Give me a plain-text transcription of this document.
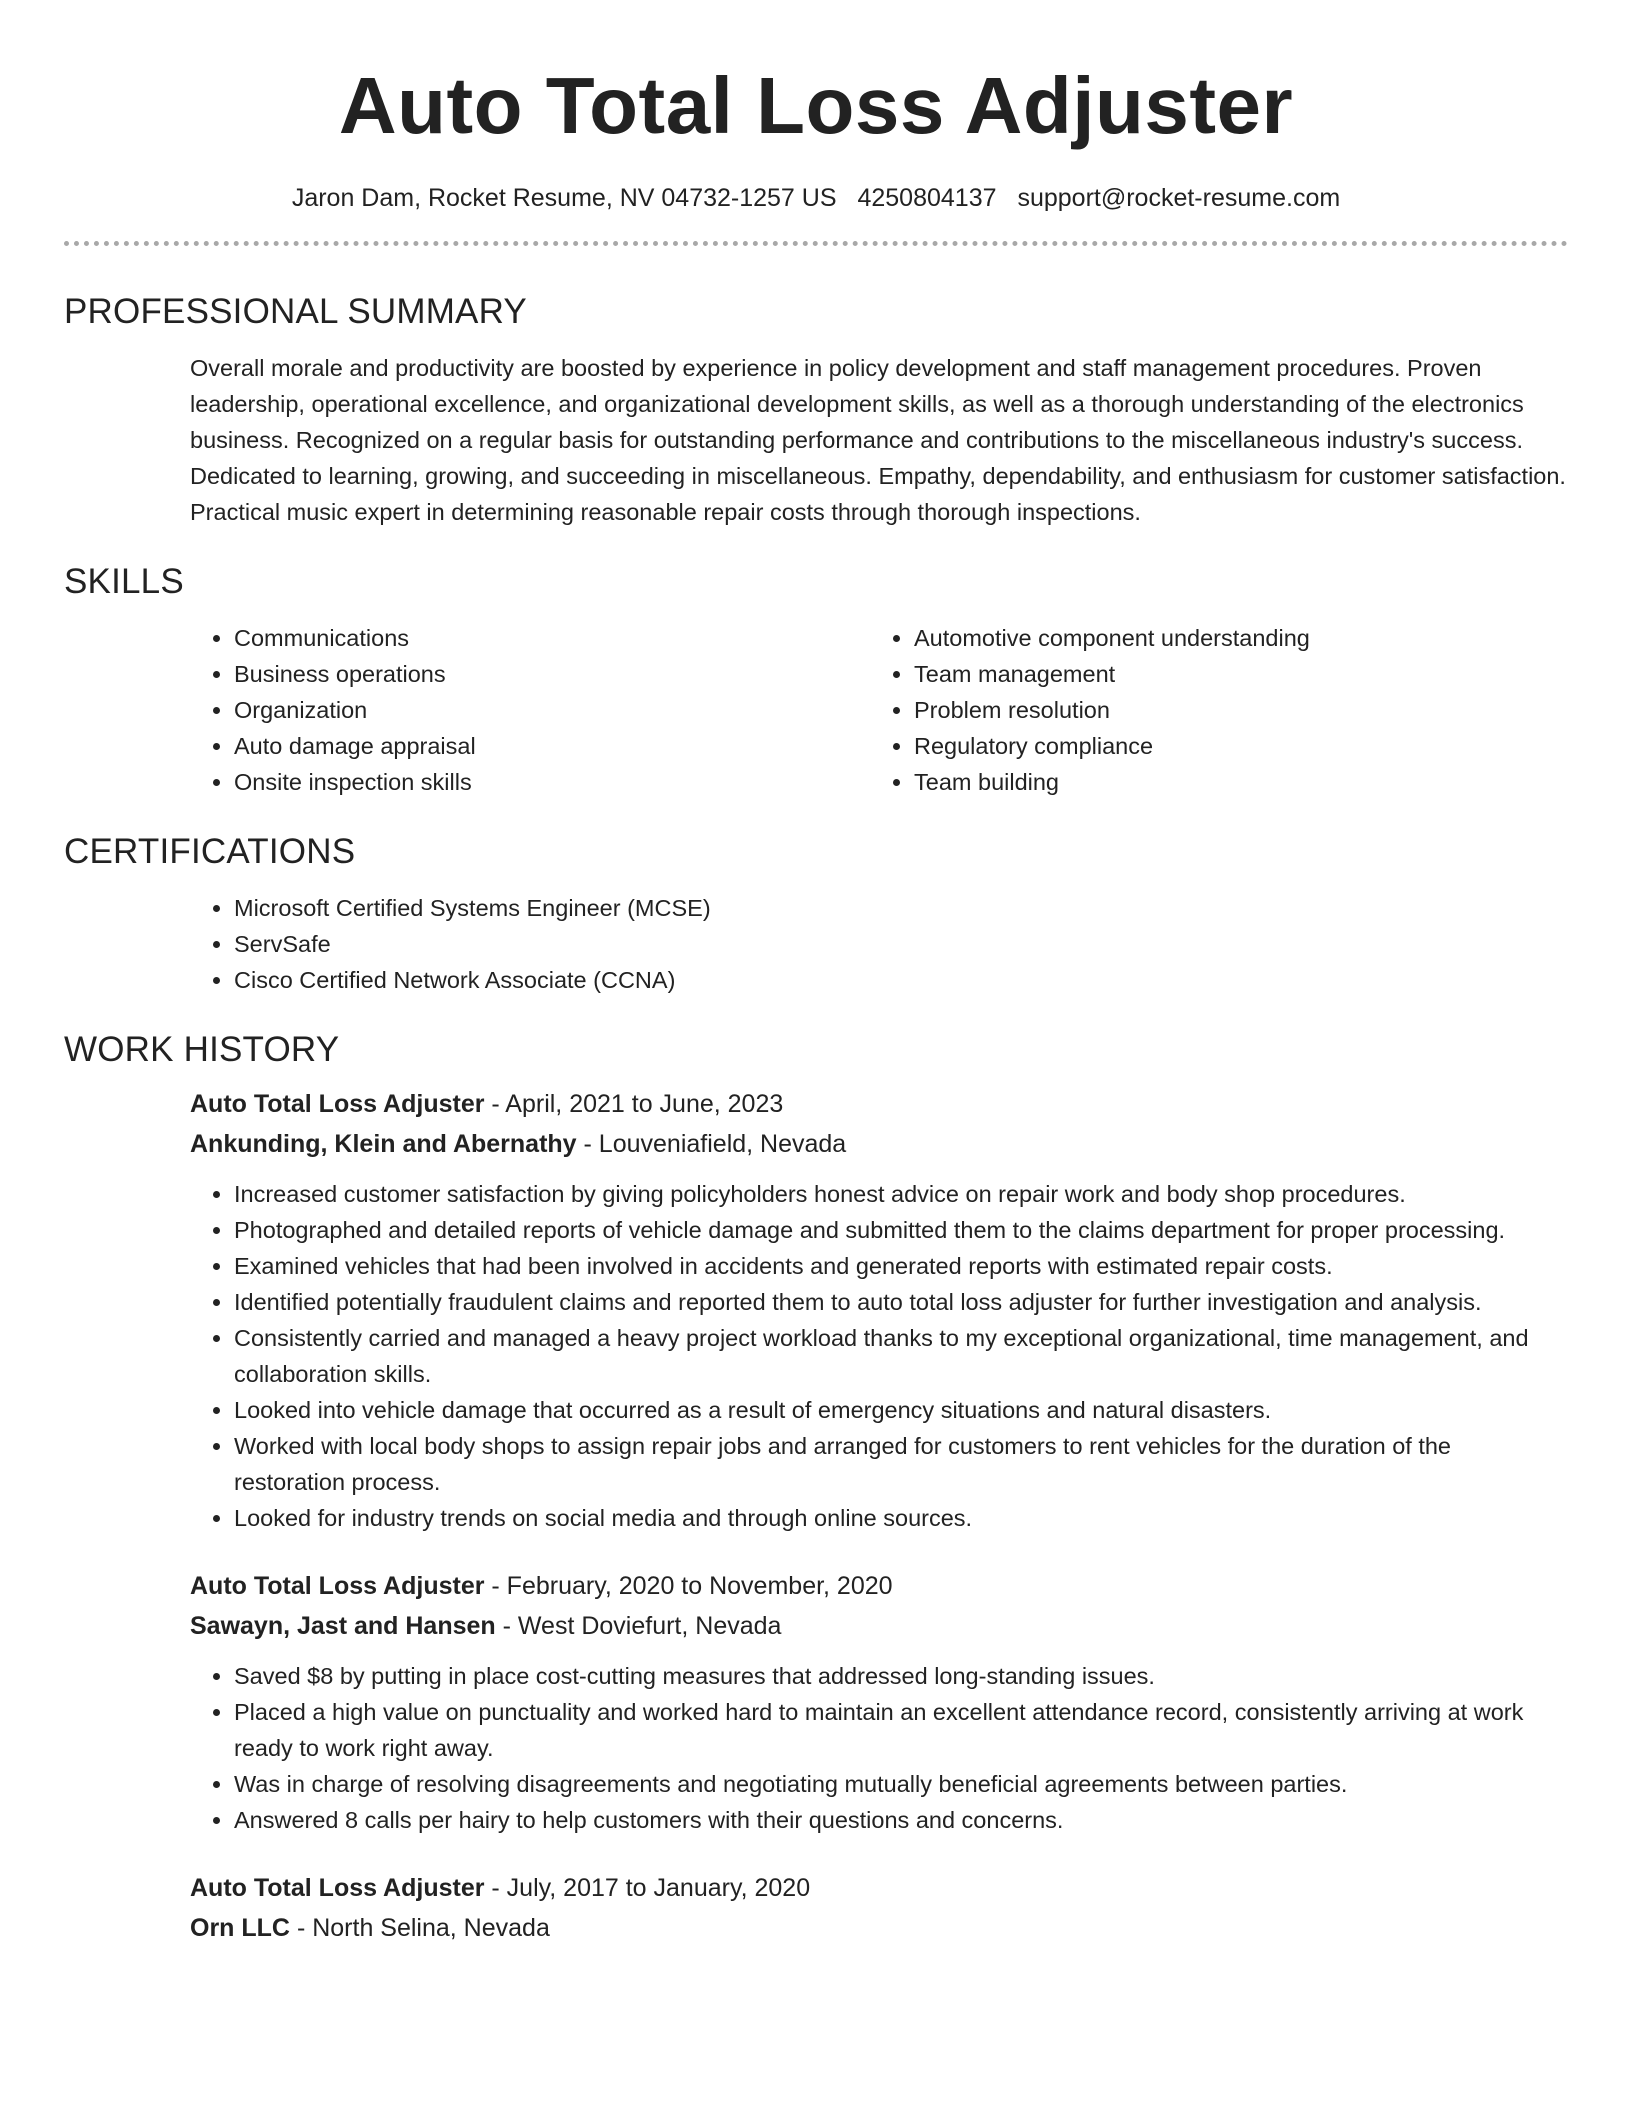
Auto Total Loss Adjuster
Jaron Dam, Rocket Resume, NV 04732-1257 US 4250804137 support@rocket-resume.com
PROFESSIONAL SUMMARY

Overall morale and productivity are boosted by experience in policy development and staff management procedures. Proven leadership, operational excellence, and organizational development skills, as well as a thorough understanding of the electronics business. Recognized on a regular basis for outstanding performance and contributions to the miscellaneous industry's success. Dedicated to learning, growing, and succeeding in miscellaneous. Empathy, dependability, and enthusiasm for customer satisfaction. Practical music expert in determining reasonable repair costs through thorough inspections.

SKILLS
• Communications
• Business operations
• Organization
• Auto damage appraisal
• Onsite inspection skills
• Automotive component understanding
• Team management
• Problem resolution
• Regulatory compliance
• Team building
CERTIFICATIONS
• Microsoft Certified Systems Engineer (MCSE)
• ServSafe
• Cisco Certified Network Associate (CCNA)
WORK HISTORY
Auto Total Loss Adjuster - April, 2021 to June, 2023
Ankunding, Klein and Abernathy - Louveniafield, Nevada
• Increased customer satisfaction by giving policyholders honest advice on repair work and body shop procedures.
• Photographed and detailed reports of vehicle damage and submitted them to the claims department for proper processing.
• Examined vehicles that had been involved in accidents and generated reports with estimated repair costs.
• Identified potentially fraudulent claims and reported them to auto total loss adjuster for further investigation and analysis.
• Consistently carried and managed a heavy project workload thanks to my exceptional organizational, time management, and collaboration skills.
• Looked into vehicle damage that occurred as a result of emergency situations and natural disasters.
• Worked with local body shops to assign repair jobs and arranged for customers to rent vehicles for the duration of the restoration process.
• Looked for industry trends on social media and through online sources.
Auto Total Loss Adjuster - February, 2020 to November, 2020
Sawayn, Jast and Hansen - West Doviefurt, Nevada
• Saved $8 by putting in place cost-cutting measures that addressed long-standing issues.
• Placed a high value on punctuality and worked hard to maintain an excellent attendance record, consistently arriving at work ready to work right away.
• Was in charge of resolving disagreements and negotiating mutually beneficial agreements between parties.
• Answered 8 calls per hairy to help customers with their questions and concerns.
Auto Total Loss Adjuster - July, 2017 to January, 2020
Orn LLC - North Selina, Nevada
